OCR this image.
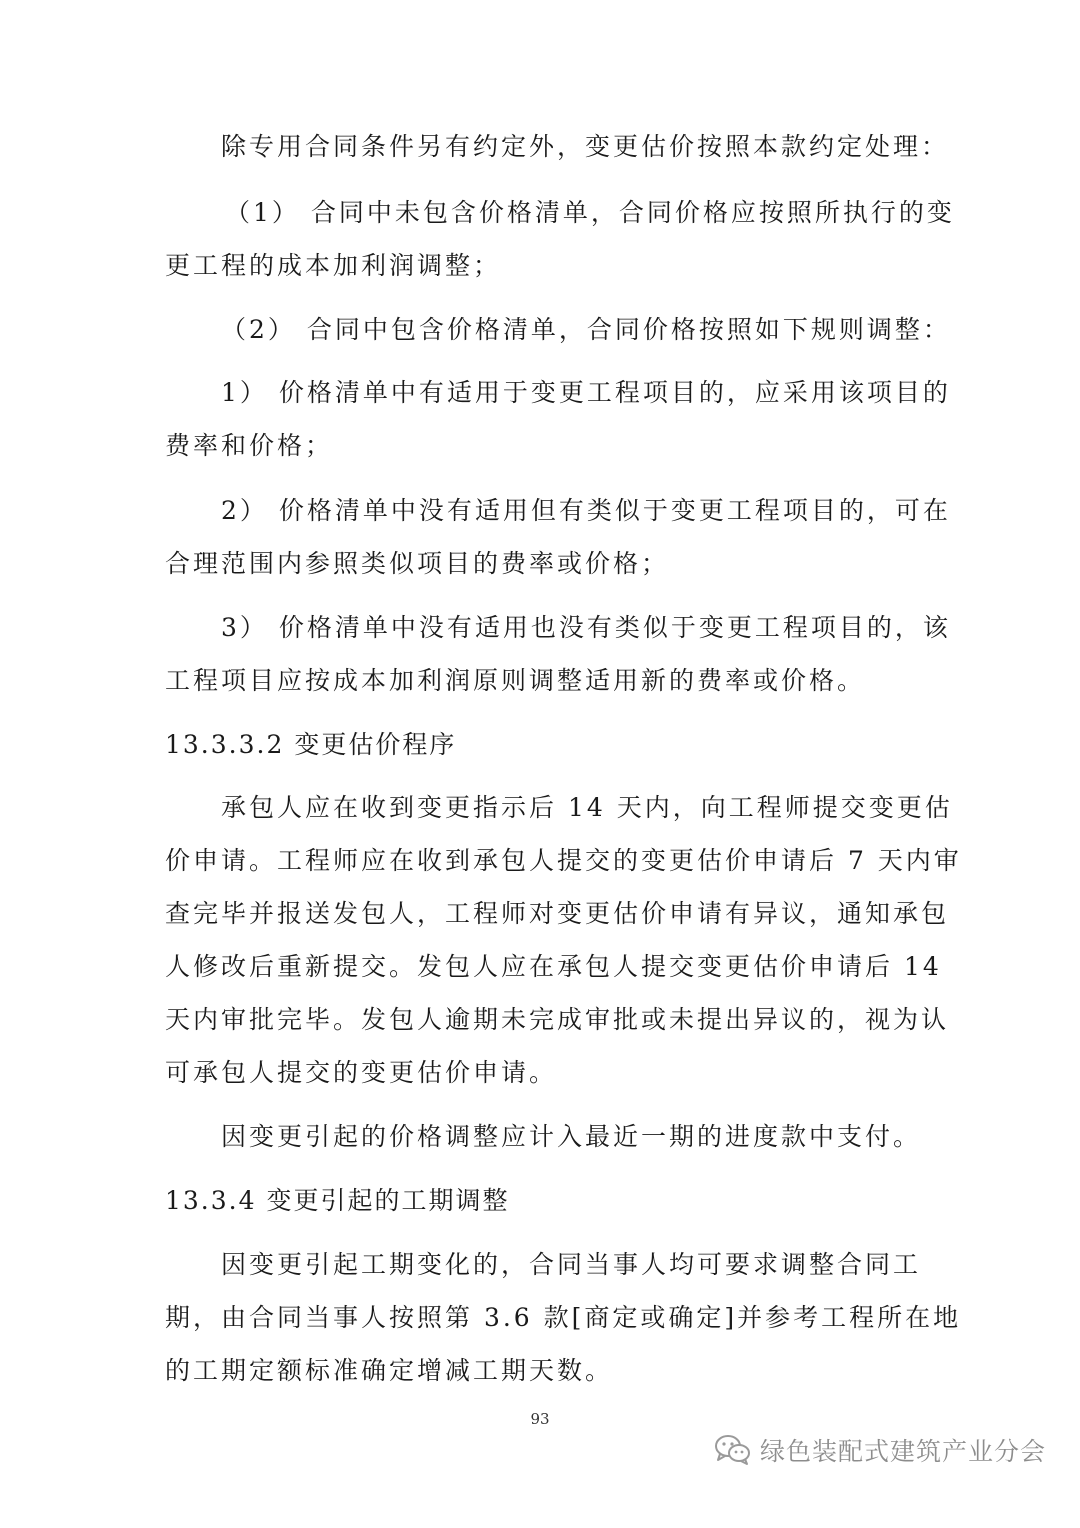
除专用合同条件另有约定外，变更估价按照本款约定处理：
（1） 合同中未包含价格清单，合同价格应按照所执行的变
更工程的成本加利润调整；
（2） 合同中包含价格清单，合同价格按照如下规则调整：
1） 价格清单中有适用于变更工程项目的，应采用该项目的
费率和价格；
2） 价格清单中没有适用但有类似于变更工程项目的，可在
合理范围内参照类似项目的费率或价格；
3） 价格清单中没有适用也没有类似于变更工程项目的，该
工程项目应按成本加利润原则调整适用新的费率或价格。
13.3.3.2 变更估价程序
承包人应在收到变更指示后 14 天内，向工程师提交变更估
价申请。工程师应在收到承包人提交的变更估价申请后 7 天内审
查完毕并报送发包人，工程师对变更估价申请有异议，通知承包
人修改后重新提交。发包人应在承包人提交变更估价申请后 14
天内审批完毕。发包人逾期未完成审批或未提出异议的，视为认
可承包人提交的变更估价申请。
因变更引起的价格调整应计入最近一期的进度款中支付。
13.3.4 变更引起的工期调整
因变更引起工期变化的，合同当事人均可要求调整合同工
期，由合同当事人按照第 3.6 款[商定或确定]并参考工程所在地
的工期定额标准确定增减工期天数。
93
绿色装配式建筑产业分会
